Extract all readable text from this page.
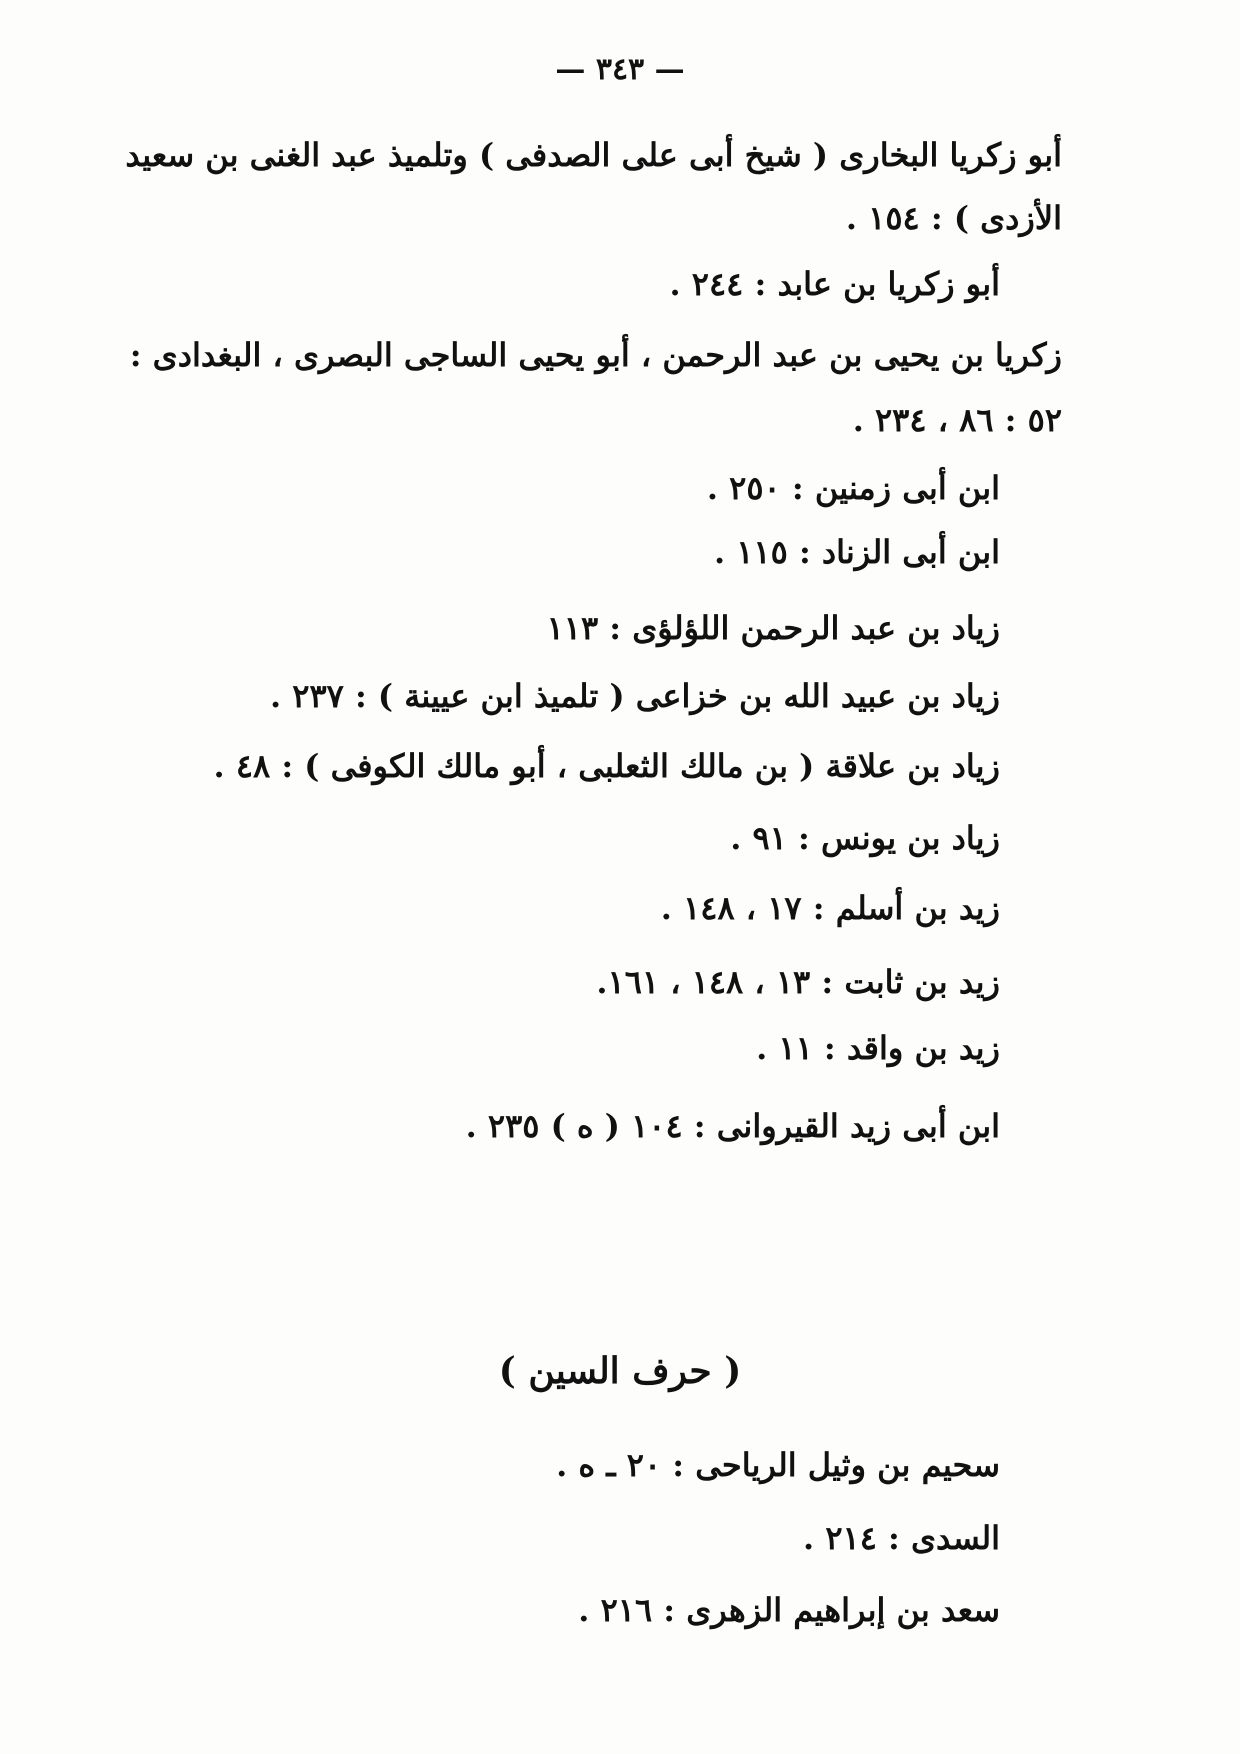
— ٣٤٣ —
أبو زكريا البخارى ( شيخ أبى على الصدفى ) وتلميذ عبد الغنى بن سعيد
الأزدى ) : ١٥٤ .
أبو زكريا بن عابد : ٢٤٤ .
زكريا بن يحيى بن عبد الرحمن ، أبو يحيى الساجى البصرى ، البغدادى :
٥٢ : ٨٦ ، ٢٣٤ .
ابن أبى زمنين : ٢٥٠ .
ابن أبى الزناد : ١١٥ .
زياد بن عبد الرحمن اللؤلؤى : ١١٣
زياد بن عبيد الله بن خزاعى ( تلميذ ابن عيينة ) : ٢٣٧ .
زياد بن علاقة ( بن مالك الثعلبى ، أبو مالك الكوفى ) : ٤٨ .
زياد بن يونس : ٩١ .
زيد بن أسلم : ١٧ ، ١٤٨ .
زيد بن ثابت : ١٣ ، ١٤٨ ، ١٦١.
زيد بن واقد : ١١ .
ابن أبى زيد القيروانى : ١٠٤ ( ه ) ٢٣٥ .
( حرف السين )
سحيم بن وثيل الرياحى : ٢٠ ـ ه .
السدى : ٢١٤ .
سعد بن إبراهيم الزهرى : ٢١٦ .
